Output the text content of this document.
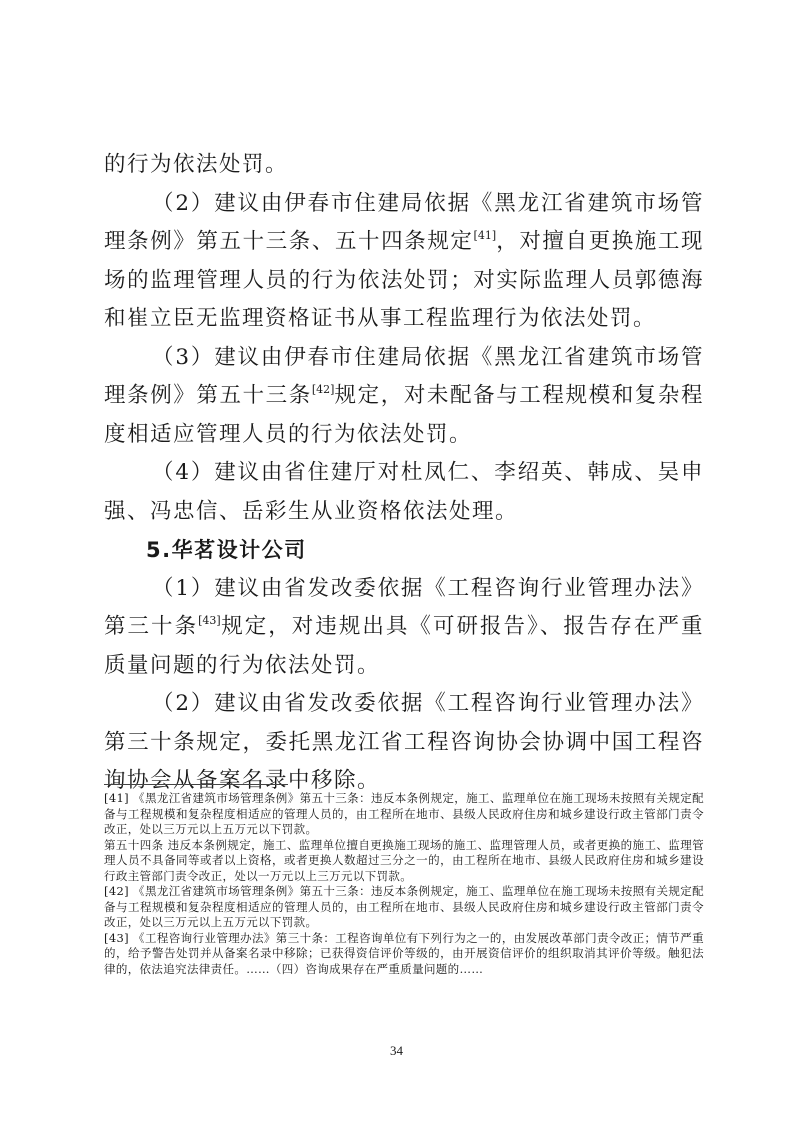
的行为依法处罚。

（2）建议由伊春市住建局依据《黑龙江省建筑市场管理条例》第五十三条、五十四条规定[41]，对擅自更换施工现场的监理管理人员的行为依法处罚；对实际监理人员郭德海和崔立臣无监理资格证书从事工程监理行为依法处罚。

（3）建议由伊春市住建局依据《黑龙江省建筑市场管理条例》第五十三条[42]规定，对未配备与工程规模和复杂程度相适应管理人员的行为依法处罚。

（4）建议由省住建厅对杜凤仁、李绍英、韩成、吴申强、冯忠信、岳彩生从业资格依法处理。

5.华茗设计公司

（1）建议由省发改委依据《工程咨询行业管理办法》第三十条[43]规定，对违规出具《可研报告》、报告存在严重质量问题的行为依法处罚。

（2）建议由省发改委依据《工程咨询行业管理办法》第三十条规定，委托黑龙江省工程咨询协会协调中国工程咨询协会从备案名录中移除。

[41] 《黑龙江省建筑市场管理条例》第五十三条：违反本条例规定，施工、监理单位在施工现场未按照有关规定配备与工程规模和复杂程度相适应的管理人员的，由工程所在地市、县级人民政府住房和城乡建设行政主管部门责令改正，处以三万元以上五万元以下罚款。

第五十四条 违反本条例规定，施工、监理单位擅自更换施工现场的施工、监理管理人员，或者更换的施工、监理管理人员不具备同等或者以上资格，或者更换人数超过三分之一的，由工程所在地市、县级人民政府住房和城乡建设行政主管部门责令改正，处以一万元以上三万元以下罚款。

[42] 《黑龙江省建筑市场管理条例》第五十三条：违反本条例规定，施工、监理单位在施工现场未按照有关规定配备与工程规模和复杂程度相适应的管理人员的，由工程所在地市、县级人民政府住房和城乡建设行政主管部门责令改正，处以三万元以上五万元以下罚款。

[43] 《工程咨询行业管理办法》第三十条：工程咨询单位有下列行为之一的，由发展改革部门责令改正；情节严重的，给予警告处罚并从备案名录中移除；已获得资信评价等级的，由开展资信评价的组织取消其评价等级。触犯法律的，依法追究法律责任。……（四）咨询成果存在严重质量问题的……

34
